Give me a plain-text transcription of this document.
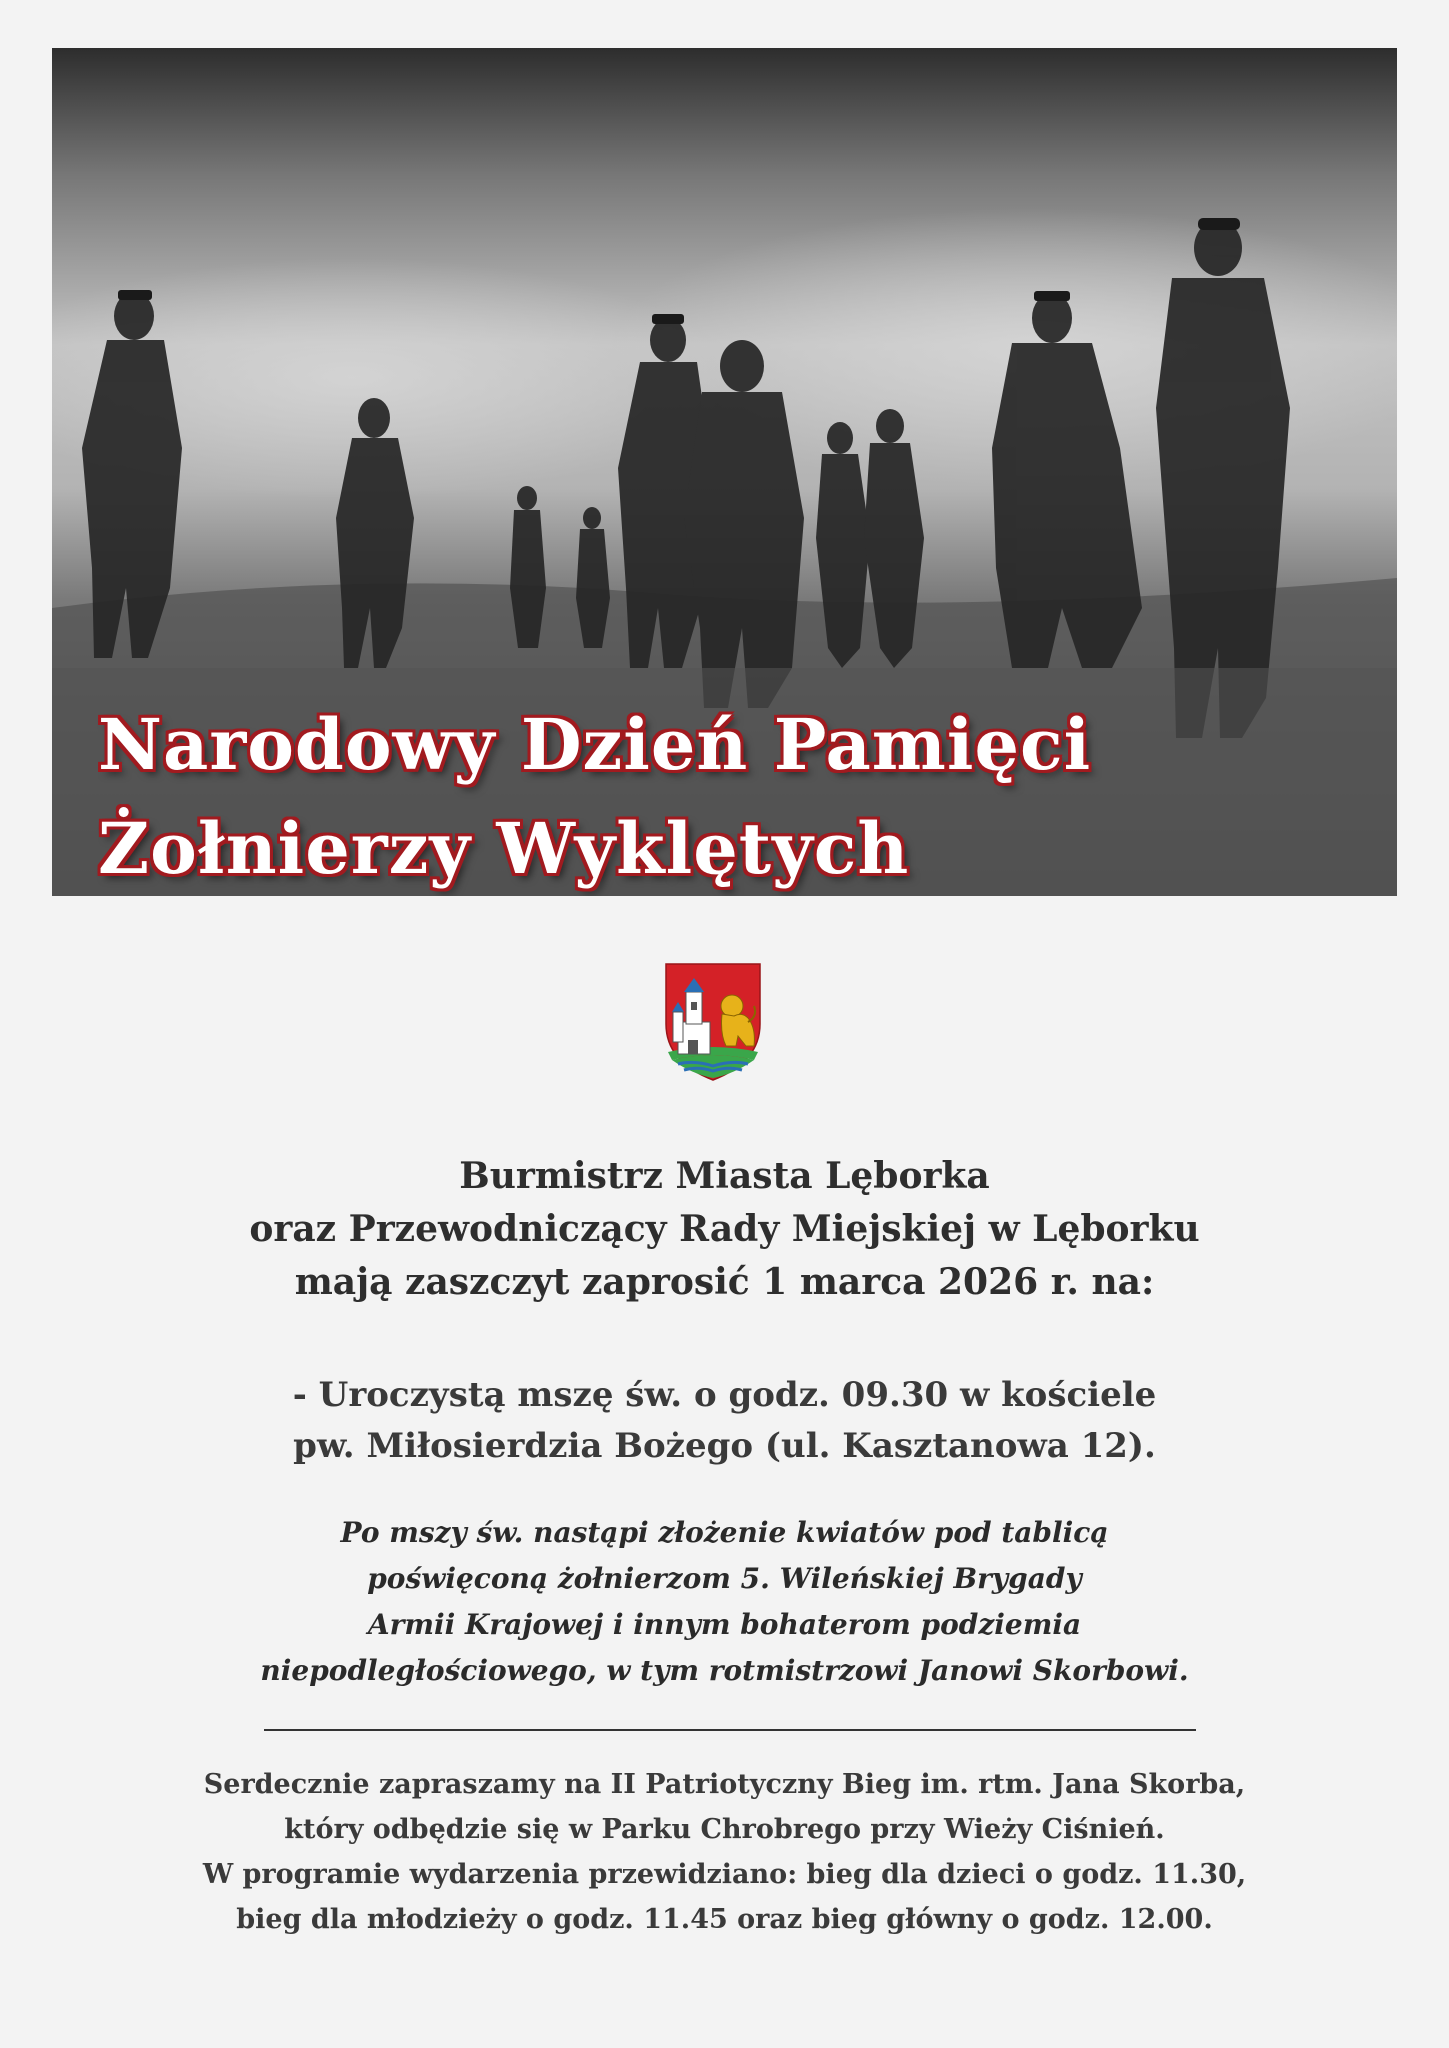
Narodowy Dzień Pamięci
Żołnierzy Wyklętych
Burmistrz Miasta Lęborka
oraz Przewodniczący Rady Miejskiej w Lęborku
mają zaszczyt zaprosić 1 marca 2026 r. na:
- Uroczystą mszę św. o godz. 09.30 w kościele
pw. Miłosierdzia Bożego (ul. Kasztanowa 12).
Po mszy św. nastąpi złożenie kwiatów pod tablicą
poświęconą żołnierzom 5. Wileńskiej Brygady
Armii Krajowej i innym bohaterom podziemia
niepodległościowego, w tym rotmistrzowi Janowi Skorbowi.
Serdecznie zapraszamy na II Patriotyczny Bieg im. rtm. Jana Skorba,
który odbędzie się w Parku Chrobrego przy Wieży Ciśnień.
W programie wydarzenia przewidziano: bieg dla dzieci o godz. 11.30,
bieg dla młodzieży o godz. 11.45 oraz bieg główny o godz. 12.00.
